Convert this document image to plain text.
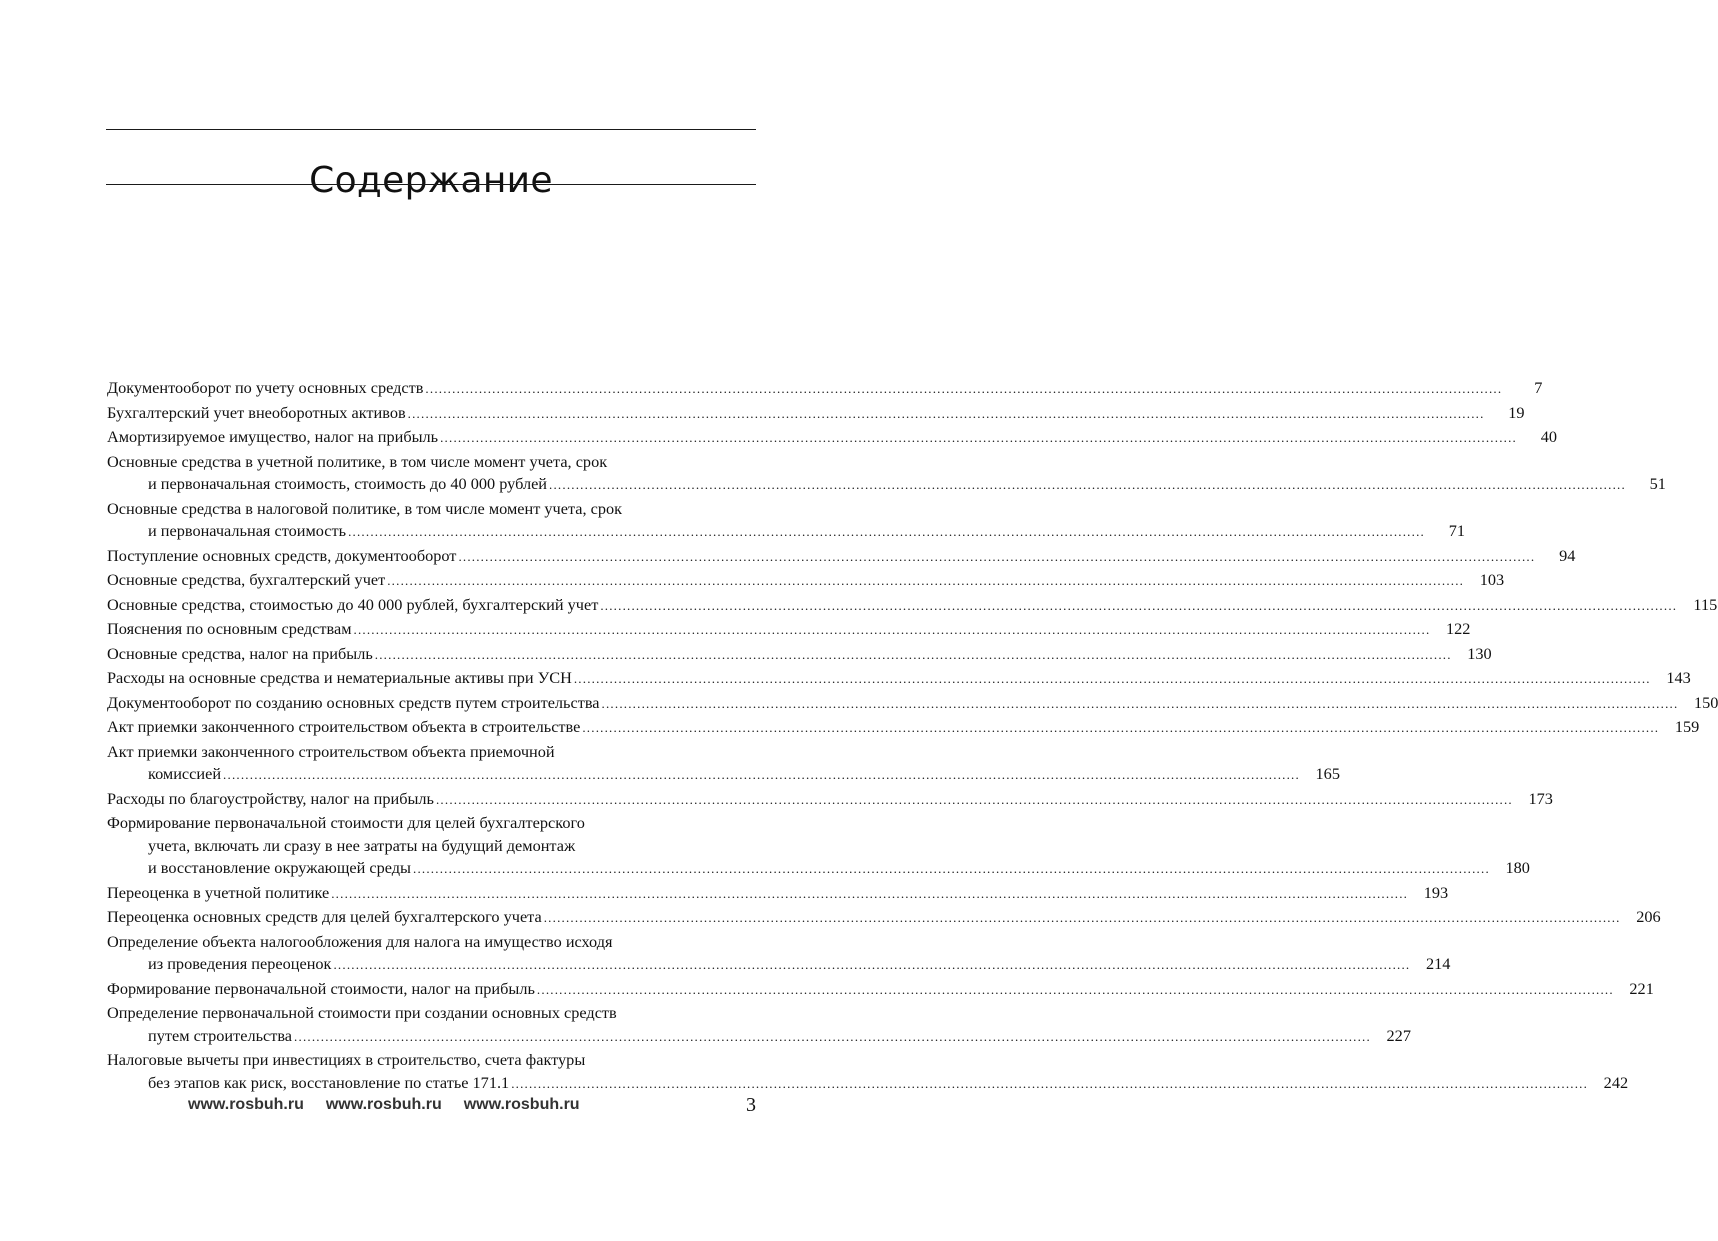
Содержание
Документооборот по учету основных средств .....	7
Бухгалтерский учет внеоборотных активов .....	19
Амортизируемое имущество, налог на прибыль .....	40
Основные средства в учетной политике, в том числе момент учета, срок
и первоначальная стоимость, стоимость до 40 000 рублей .....	51
Основные средства в налоговой политике, в том числе момент учета, срок
и первоначальная стоимость .....	71
Поступление основных средств, документооборот .....	94
Основные средства, бухгалтерский учет .....	103
Основные средства, стоимостью до 40 000 рублей, бухгалтерский учет .....	115
Пояснения по основным средствам .....	122
Основные средства, налог на прибыль .....	130
Расходы на основные средства и нематериальные активы при УСН .....	143
Документооборот по созданию основных средств путем строительства .....	150
Акт приемки законченного строительством объекта в строительстве .....	159
Акт приемки законченного строительством объекта приемочной
комиссией .....	165
Расходы по благоустройству, налог на прибыль .....	173
Формирование первоначальной стоимости для целей бухгалтерского
учета, включать ли сразу в нее затраты на будущий демонтаж
и восстановление окружающей среды .....	180
Переоценка в учетной политике .....	193
Переоценка основных средств для целей бухгалтерского учета .....	206
Определение объекта налогообложения для налога на имущество исходя
из проведения переоценок .....	214
Формирование первоначальной стоимости, налог на прибыль .....	221
Определение первоначальной стоимости при создании основных средств
путем строительства .....	227
Налоговые вычеты при инвестициях в строительство, счета фактуры
без этапов как риск, восстановление по статье 171.1 .....	242
www.rosbuh.ru www.rosbuh.ru www.rosbuh.ru	3
